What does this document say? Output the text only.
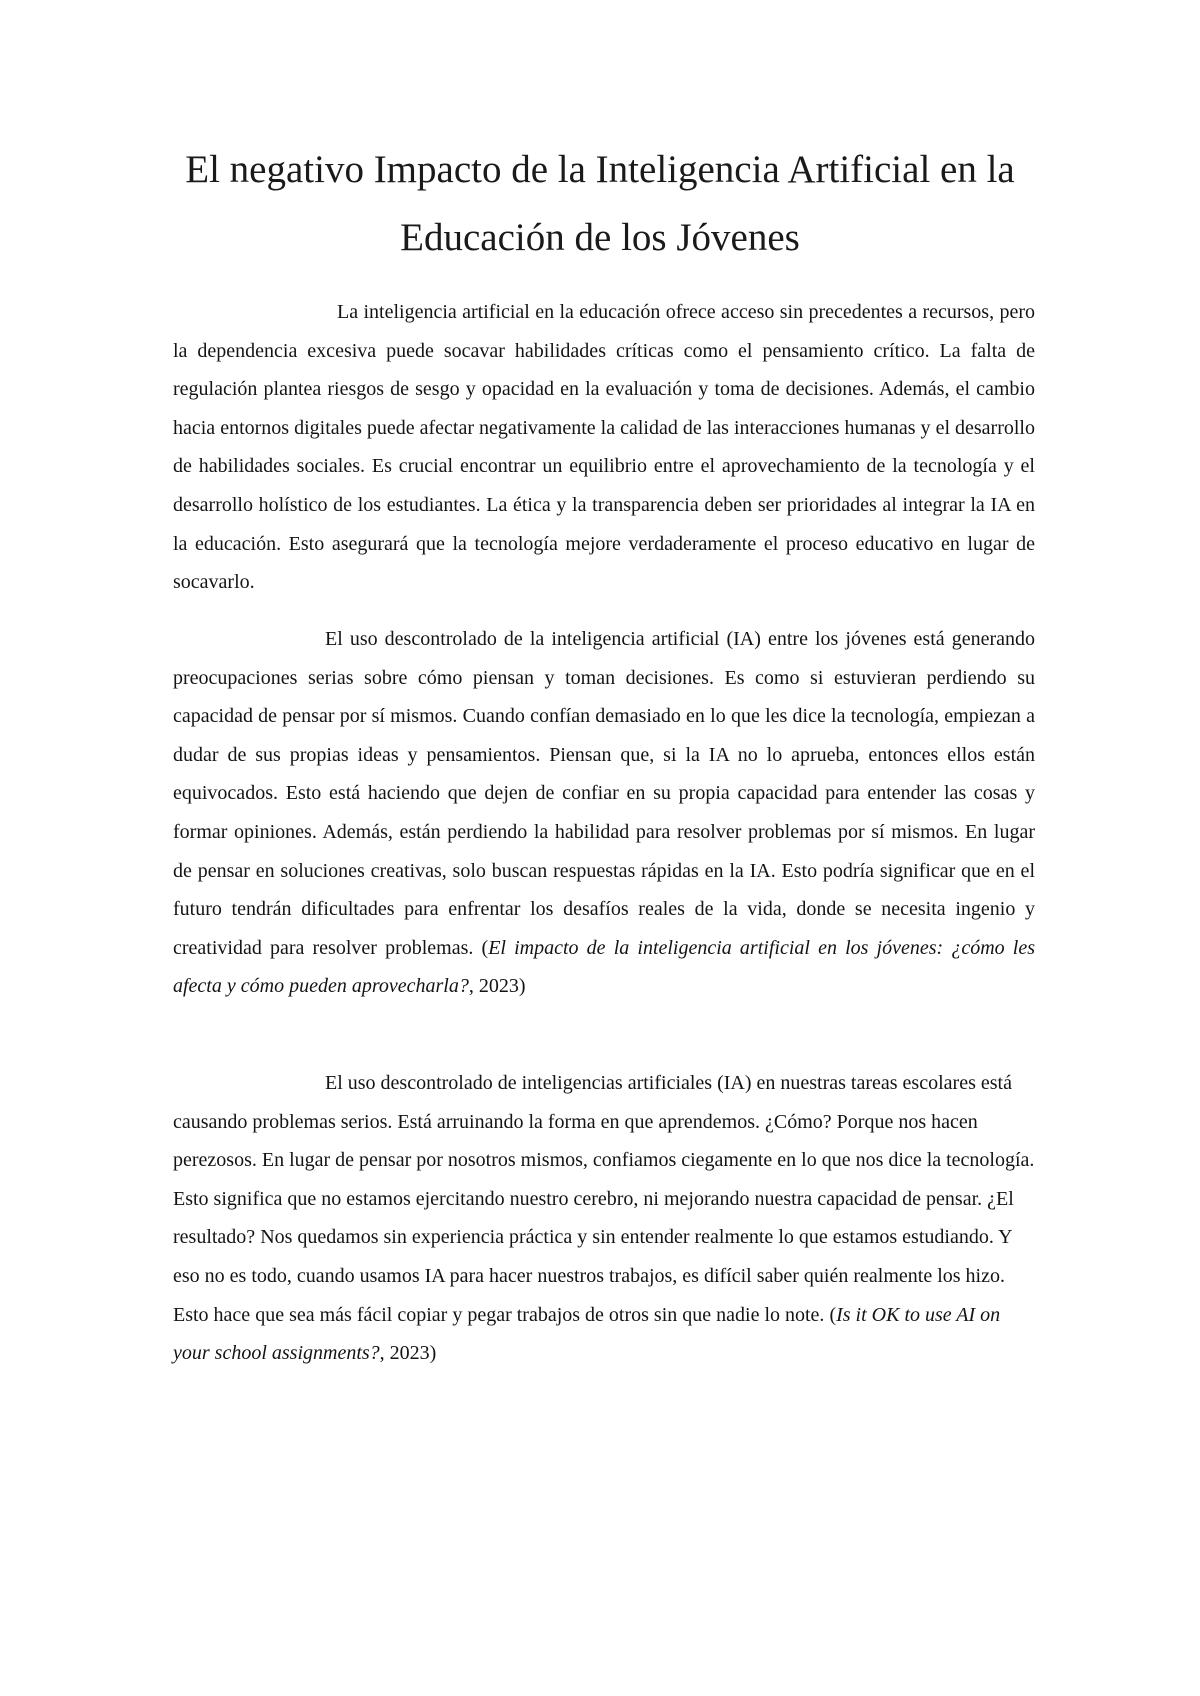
El negativo Impacto de la Inteligencia Artificial en la Educación de los Jóvenes

La inteligencia artificial en la educación ofrece acceso sin precedentes a recursos, pero la dependencia excesiva puede socavar habilidades críticas como el pensamiento crítico. La falta de regulación plantea riesgos de sesgo y opacidad en la evaluación y toma de decisiones. Además, el cambio hacia entornos digitales puede afectar negativamente la calidad de las interacciones humanas y el desarrollo de habilidades sociales. Es crucial encontrar un equilibrio entre el aprovechamiento de la tecnología y el desarrollo holístico de los estudiantes. La ética y la transparencia deben ser prioridades al integrar la IA en la educación. Esto asegurará que la tecnología mejore verdaderamente el proceso educativo en lugar de socavarlo.

El uso descontrolado de la inteligencia artificial (IA) entre los jóvenes está generando preocupaciones serias sobre cómo piensan y toman decisiones. Es como si estuvieran perdiendo su capacidad de pensar por sí mismos. Cuando confían demasiado en lo que les dice la tecnología, empiezan a dudar de sus propias ideas y pensamientos. Piensan que, si la IA no lo aprueba, entonces ellos están equivocados. Esto está haciendo que dejen de confiar en su propia capacidad para entender las cosas y formar opiniones. Además, están perdiendo la habilidad para resolver problemas por sí mismos. En lugar de pensar en soluciones creativas, solo buscan respuestas rápidas en la IA. Esto podría significar que en el futuro tendrán dificultades para enfrentar los desafíos reales de la vida, donde se necesita ingenio y creatividad para resolver problemas. (El impacto de la inteligencia artificial en los jóvenes: ¿cómo les afecta y cómo pueden aprovecharla?, 2023)

El uso descontrolado de inteligencias artificiales (IA) en nuestras tareas escolares está causando problemas serios. Está arruinando la forma en que aprendemos. ¿Cómo? Porque nos hacen perezosos. En lugar de pensar por nosotros mismos, confiamos ciegamente en lo que nos dice la tecnología. Esto significa que no estamos ejercitando nuestro cerebro, ni mejorando nuestra capacidad de pensar. ¿El resultado? Nos quedamos sin experiencia práctica y sin entender realmente lo que estamos estudiando. Y eso no es todo, cuando usamos IA para hacer nuestros trabajos, es difícil saber quién realmente los hizo. Esto hace que sea más fácil copiar y pegar trabajos de otros sin que nadie lo note. (Is it OK to use AI on your school assignments?, 2023)
